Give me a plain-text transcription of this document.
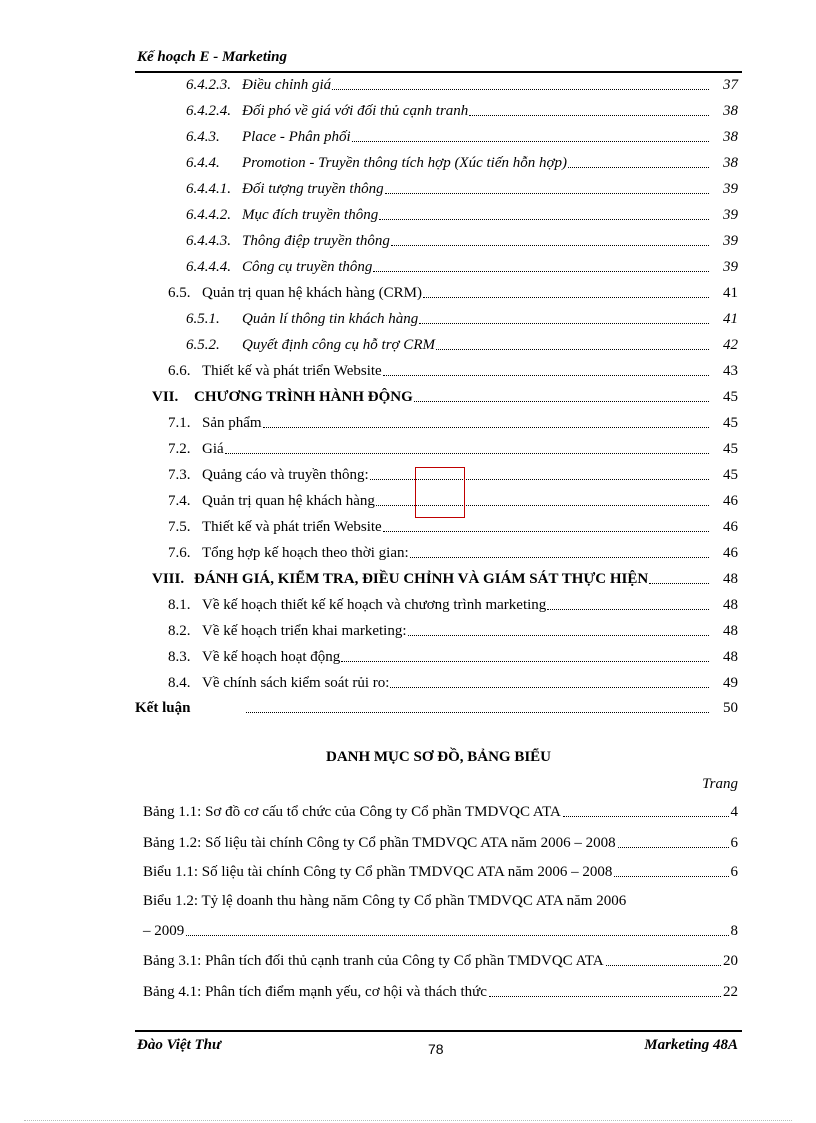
Kế hoạch E - Marketing
6.4.2.3. Điều chỉnh giá	37
6.4.2.4. Đối phó về giá với đối thủ cạnh tranh	38
6.4.3.	Place - Phân phối	38
6.4.4.	Promotion - Truyền thông tích hợp (Xúc tiến hỗn hợp)	38
6.4.4.1. Đối tượng truyền thông	39
6.4.4.2. Mục đích truyền thông	39
6.4.4.3. Thông điệp truyền thông	39
6.4.4.4. Công cụ truyền thông	39
6.5. Quản trị quan hệ khách hàng (CRM)	41
6.5.1.	Quản lí thông tin khách hàng	41
6.5.2.	Quyết định công cụ hỗ trợ CRM	42
6.6. Thiết kế và phát triển Website	43
VII.	CHƯƠNG TRÌNH HÀNH ĐỘNG	45
7.1. Sản phẩm	45
7.2. Giá	45
7.3. Quảng cáo và truyền thông:	45
7.4. Quản trị quan hệ khách hàng	46
7.5. Thiết kế và phát triển Website	46
7.6. Tổng hợp kế hoạch theo thời gian:	46
VIII. ĐÁNH GIÁ, KIỂM TRA, ĐIỀU CHỈNH VÀ GIÁM SÁT THỰC HIỆN	48
8.1. Về kế hoạch thiết kế kế hoạch và chương trình marketing	48
8.2. Về kế hoạch triển khai marketing:	48
8.3. Về kế hoạch hoạt động	48
8.4. Về chính sách kiểm soát rủi ro:	49
Kết luận	50
DANH MỤC SƠ ĐỒ, BẢNG BIỂU
Trang
Bảng 1.1: Sơ đồ cơ cấu tổ chức của Công ty Cổ phần TMDVQC ATA	4
Bảng 1.2: Số liệu tài chính Công ty Cổ phần TMDVQC ATA năm 2006 – 2008	6
Biểu 1.1: Số liệu tài chính Công ty Cổ phần TMDVQC ATA năm 2006 – 2008	6
Biểu 1.2: Tỷ lệ doanh thu hàng năm Công ty Cổ phần TMDVQC ATA năm 2006
– 2009	8
Bảng 3.1: Phân tích đối thủ cạnh tranh của Công ty Cổ phần TMDVQC ATA	20
Bảng 4.1: Phân tích điểm mạnh yếu, cơ hội và thách thức	22
Đào Việt Thư	78	Marketing 48A
